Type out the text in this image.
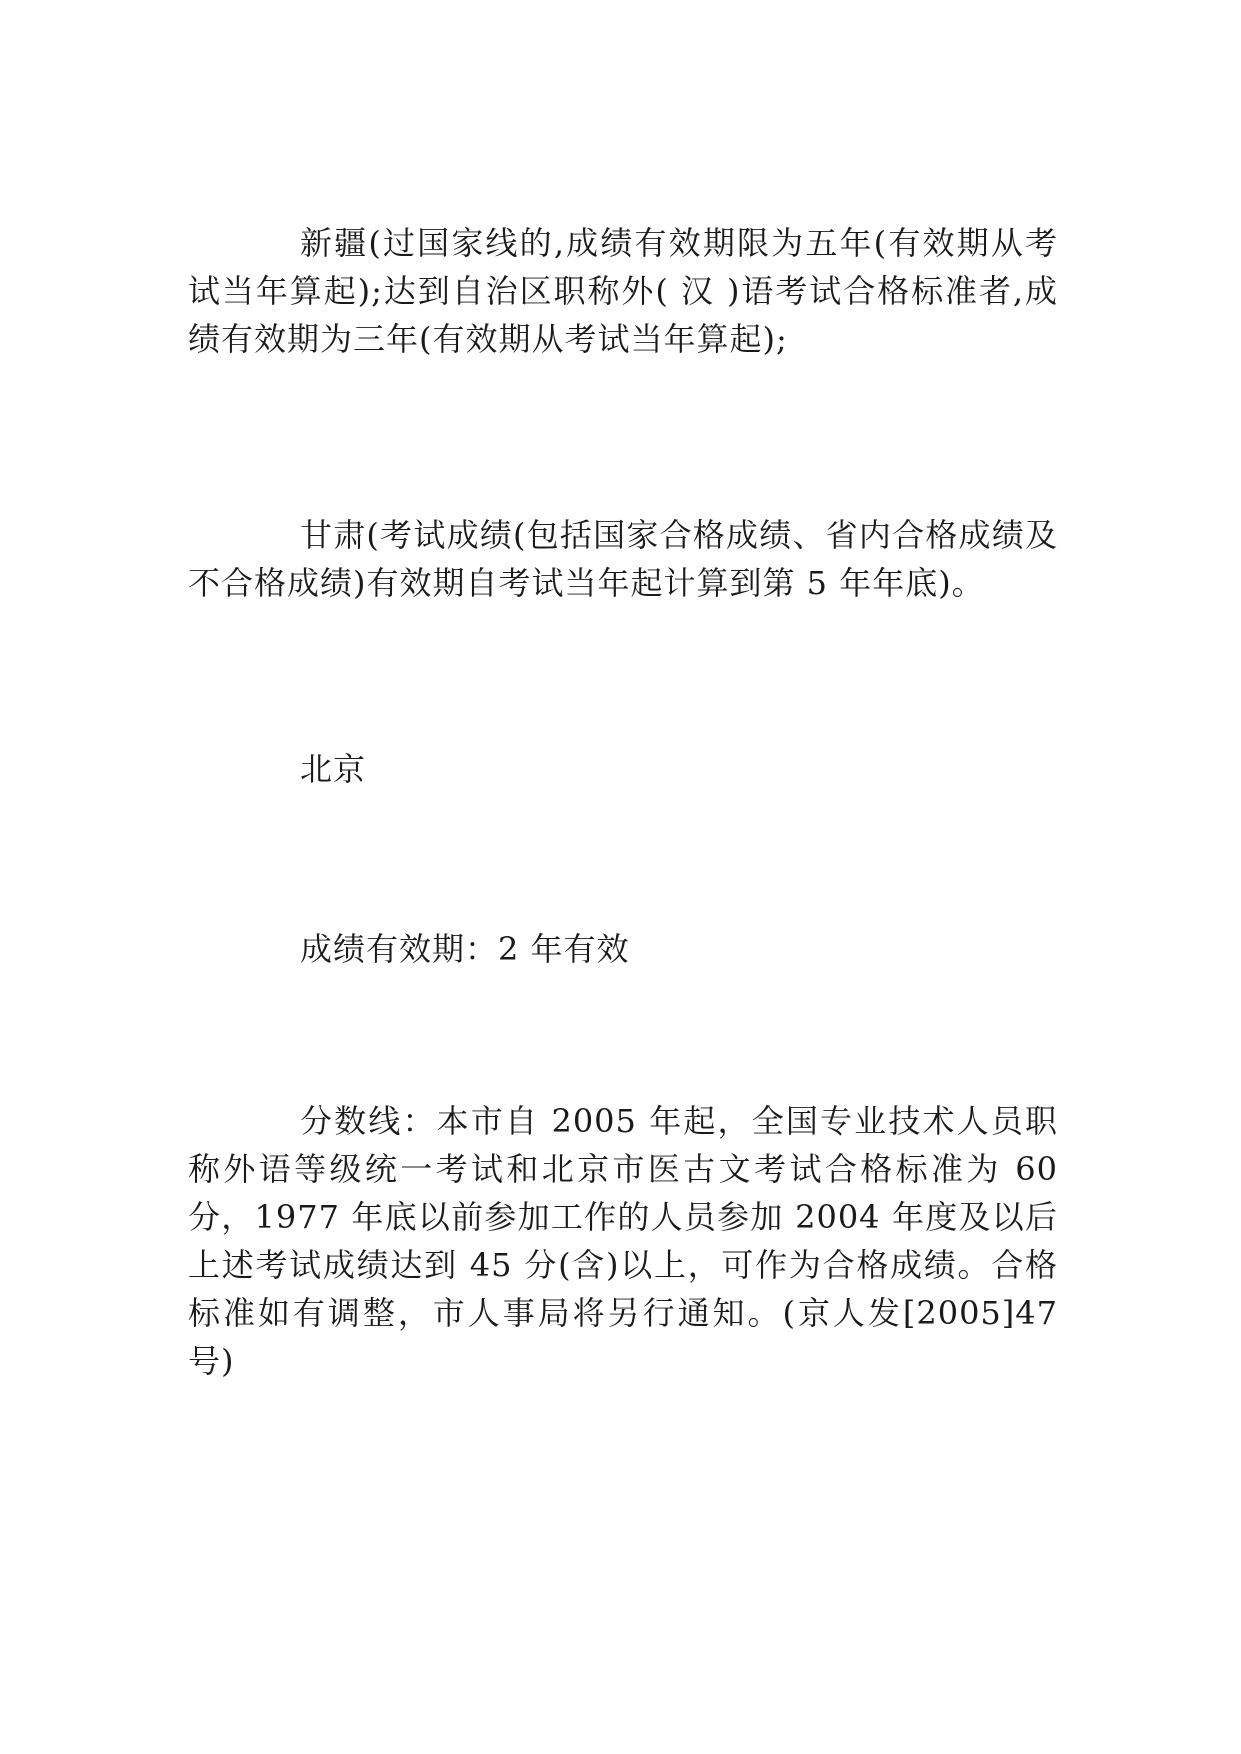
新疆(过国家线的,成绩有效期限为五年(有效期从考试当年算起);达到自治区职称外( 汉 )语考试合格标准者,成绩有效期为三年(有效期从考试当年算起);

甘肃(考试成绩(包括国家合格成绩、省内合格成绩及不合格成绩)有效期自考试当年起计算到第 5 年年底)。

北京

成绩有效期：2 年有效

分数线：本市自 2005 年起，全国专业技术人员职称外语等级统一考试和北京市医古文考试合格标准为 60 分，1977 年底以前参加工作的人员参加 2004 年度及以后上述考试成绩达到 45 分(含)以上，可作为合格成绩。合格标准如有调整，市人事局将另行通知。(京人发[2005]47 号)
